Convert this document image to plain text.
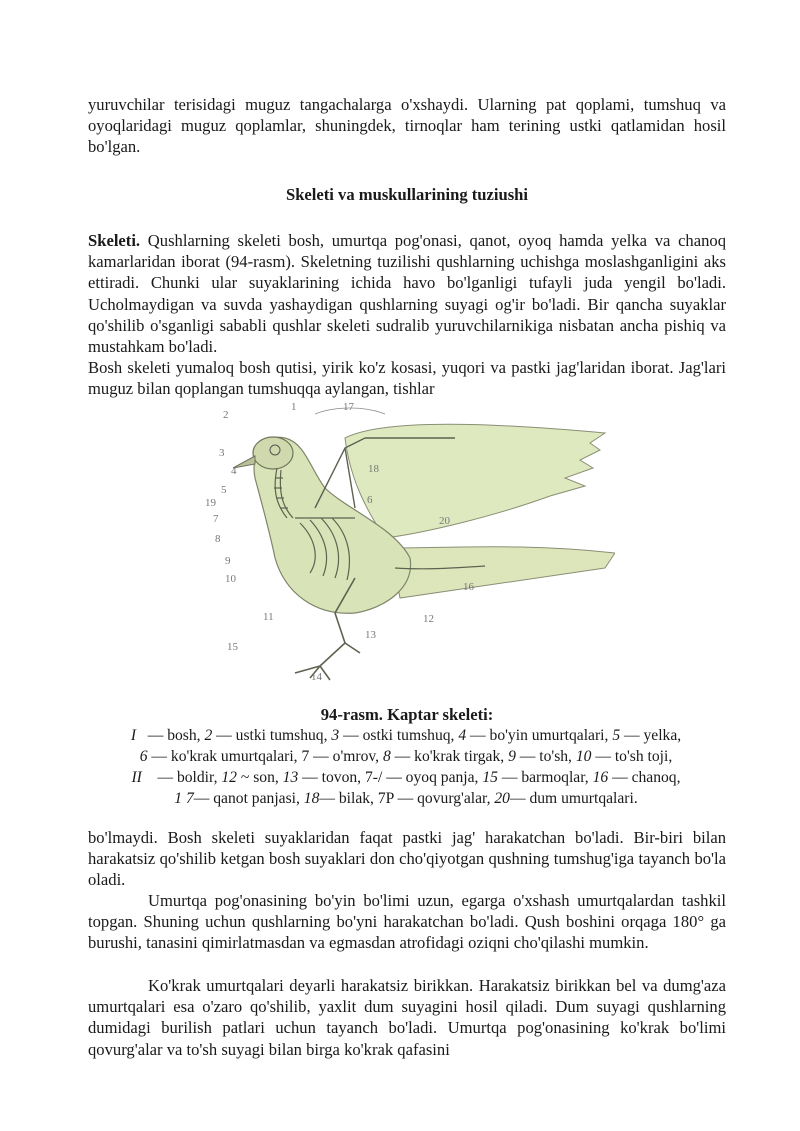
yuruvchilar terisidagi muguz tangachalarga o'xshaydi. Ularning pat qoplami, tumshuq va oyoqlaridagi muguz qoplamlar, shuningdek, tirnoqlar ham terining ustki qatlamidan hosil bo'lgan.

Skeleti va muskullarining tuziushi

Skeleti. Qushlarning skeleti bosh, umurtqa pog'onasi, qanot, oyoq hamda yelka va chanoq kamarlaridan iborat (94-rasm). Skeletning tuzilishi qushlarning uchishga moslashganligini aks ettiradi. Chunki ular suyaklarining ichida havo bo'lganligi tufayli juda yengil bo'ladi. Ucholmaydigan va suvda yashaydigan qushlarning suyagi og'ir bo'ladi. Bir qancha suyaklar qo'shilib o'sganligi sababli qushlar skeleti sudralib yuruvchilarnikiga nisbatan ancha pishiq va mustahkam bo'ladi.

Bosh skeleti yumaloq bosh qutisi, yirik ko'z kosasi, yuqori va pastki jag'laridan iborat. Jag'lari muguz bilan qoplangan tumshuqqa aylangan, tishlar

1
2
3
4
5
6
7
8
9
10
11	12
13
14
15
16
17
18
19
20
94-rasm. Kaptar skeleti:
I   — bosh, 2 — ustki tumshuq, 3 — ostki tumshuq, 4 — bo'yin umurtqalari, 5 — yelka,
6 — ko'krak umurtqalari, 7 — o'mrov, 8 — ko'krak tirgak, 9 — to'sh, 10 — to'sh toji,
II    — boldir, 12 ~ son, 13 — tovon, 7-/ — oyoq panja, 15 — barmoqlar, 16 — chanoq,
1 7— qanot panjasi, 18— bilak, 7P — qovurg'alar, 20— dum umurtqalari.

bo'lmaydi. Bosh skeleti suyaklaridan faqat pastki jag' harakatchan bo'ladi. Bir-biri bilan harakatsiz qo'shilib ketgan bosh suyaklari don cho'qiyotgan qushning tumshug'iga tayanch bo'la oladi.

Umurtqa pog'onasining bo'yin bo'limi uzun, egarga o'xshash umurtqalardan tashkil topgan. Shuning uchun qushlarning bo'yni harakatchan bo'ladi. Qush boshini orqaga 180° ga burushi, tanasini qimirlatmasdan va egmasdan atrofidagi oziqni cho'qilashi mumkin.

Ko'krak umurtqalari deyarli harakatsiz birikkan. Harakatsiz birikkan bel va dumg'aza umurtqalari esa o'zaro qo'shilib, yaxlit dum suyagini hosil qiladi. Dum suyagi qushlarning dumidagi burilish patlari uchun tayanch bo'ladi. Umurtqa pog'onasining ko'krak bo'limi qovurg'alar va to'sh suyagi bilan birga ko'krak qafasini
